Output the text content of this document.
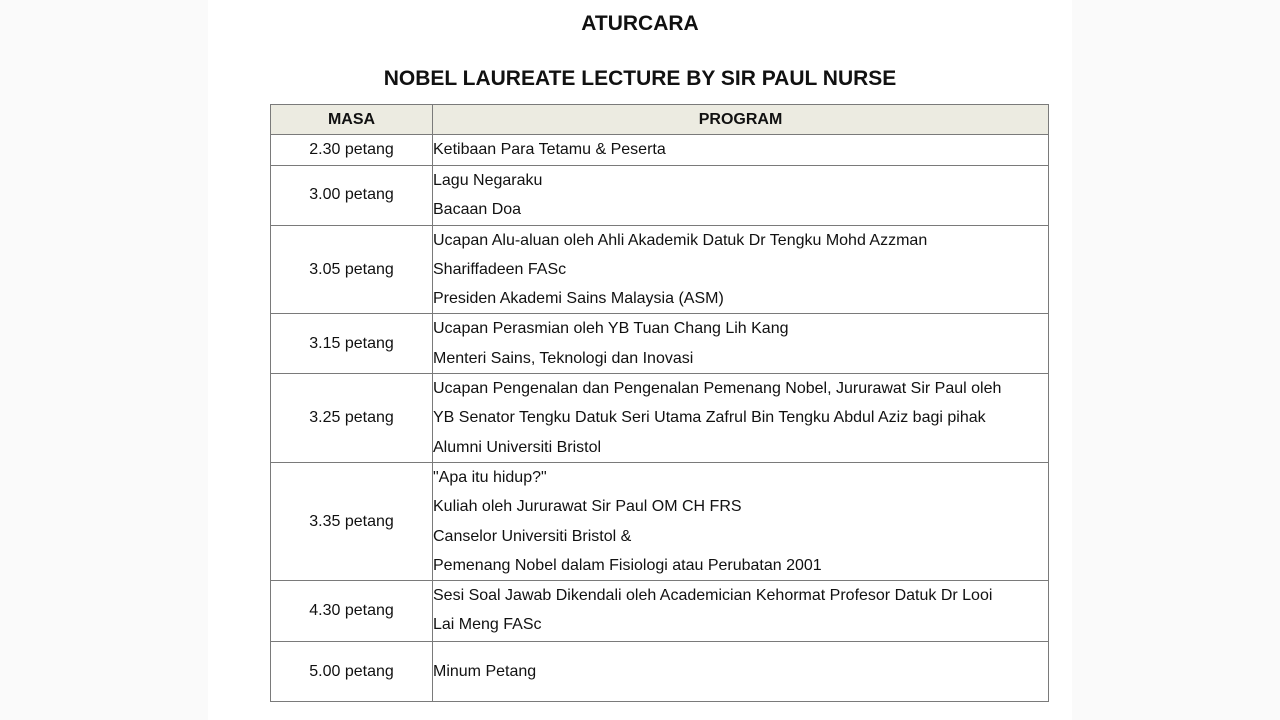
ATURCARA
NOBEL LAUREATE LECTURE BY SIR PAUL NURSE
MASA	PROGRAM
2.30 petang	Ketibaan Para Tetamu & Peserta

3.00 petang	Lagu Negaraku
Bacaan Doa

3.05 petang	Ucapan Alu-aluan oleh Ahli Akademik Datuk Dr Tengku Mohd Azzman
Shariffadeen FASc
Presiden Akademi Sains Malaysia (ASM)

3.15 petang	Ucapan Perasmian oleh YB Tuan Chang Lih Kang
Menteri Sains, Teknologi dan Inovasi

3.25 petang	Ucapan Pengenalan dan Pengenalan Pemenang Nobel, Jururawat Sir Paul oleh
YB Senator Tengku Datuk Seri Utama Zafrul Bin Tengku Abdul Aziz bagi pihak
Alumni Universiti Bristol

3.35 petang	"Apa itu hidup?"
Kuliah oleh Jururawat Sir Paul OM CH FRS
Canselor Universiti Bristol &
Pemenang Nobel dalam Fisiologi atau Perubatan 2001

4.30 petang	Sesi Soal Jawab Dikendali oleh Academician Kehormat Profesor Datuk Dr Looi
Lai Meng FASc

5.00 petang	Minum Petang
